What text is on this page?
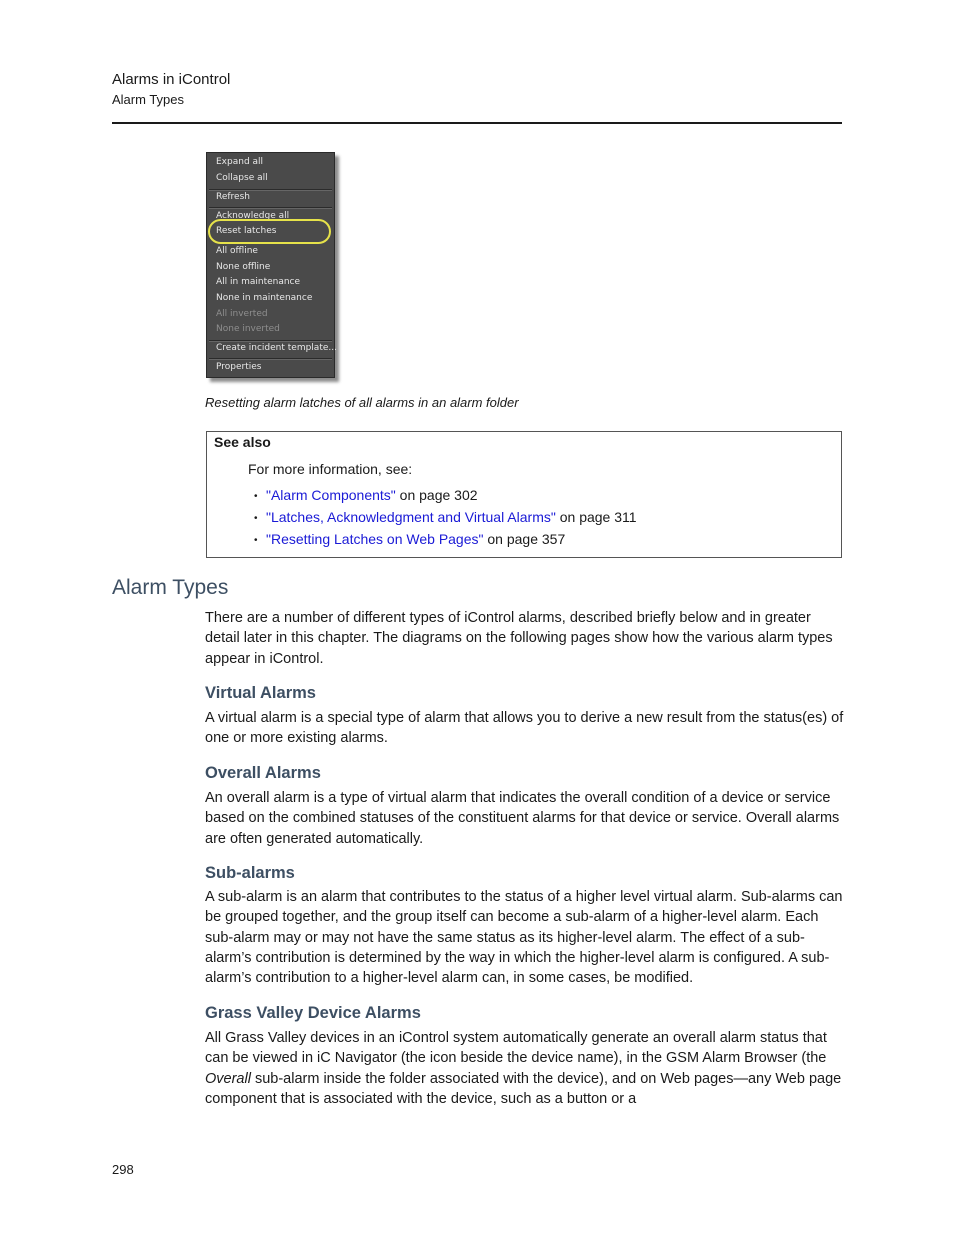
Alarms in iControl
Alarm Types
Expand all
Collapse all
Refresh
Acknowledge all
Reset latches
All offline
None offline
All in maintenance
None in maintenance
All inverted
None inverted
Create incident template...
Properties
Resetting alarm latches of all alarms in an alarm folder
See also
For more information, see:
• "Alarm Components" on page 302
• "Latches, Acknowledgment and Virtual Alarms" on page 311
• "Resetting Latches on Web Pages" on page 357
Alarm Types
There are a number of different types of iControl alarms, described briefly below and in greater detail later in this chapter. The diagrams on the following pages show how the various alarm types appear in iControl.
Virtual Alarms
A virtual alarm is a special type of alarm that allows you to derive a new result from the status(es) of one or more existing alarms.
Overall Alarms
An overall alarm is a type of virtual alarm that indicates the overall condition of a device or service based on the combined statuses of the constituent alarms for that device or service. Overall alarms are often generated automatically.
Sub-alarms
A sub-alarm is an alarm that contributes to the status of a higher level virtual alarm. Sub-alarms can be grouped together, and the group itself can become a sub-alarm of a higher-level alarm. Each sub-alarm may or may not have the same status as its higher-level alarm. The effect of a sub-alarm’s contribution is determined by the way in which the higher-level alarm is configured. A sub-alarm’s contribution to a higher-level alarm can, in some cases, be modified.
Grass Valley Device Alarms
All Grass Valley devices in an iControl system automatically generate an overall alarm status that can be viewed in iC Navigator (the icon beside the device name), in the GSM Alarm Browser (the Overall sub-alarm inside the folder associated with the device), and on Web pages—any Web page component that is associated with the device, such as a button or a
298
